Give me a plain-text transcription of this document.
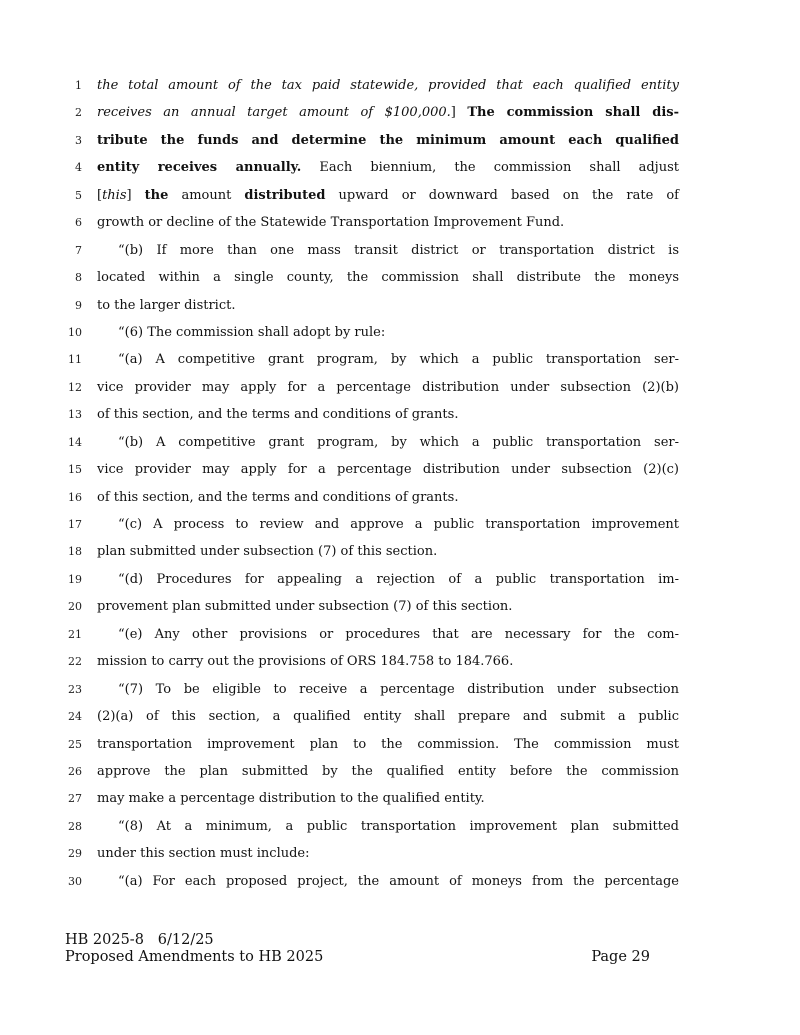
1 the total amount of the tax paid statewide, provided that each qualified entity
2 receives an annual target amount of $100,000.] The commission shall dis-
3 tribute the funds and determine the minimum amount each qualified
4 entity receives annually. Each biennium, the commission shall adjust
5 [this] the amount distributed upward or downward based on the rate of
6 growth or decline of the Statewide Transportation Improvement Fund.
7	“(b) If more than one mass transit district or transportation district is
8 located within a single county, the commission shall distribute the moneys
9 to the larger district.
10	“(6) The commission shall adopt by rule:
11	“(a) A competitive grant program, by which a public transportation ser-
12 vice provider may apply for a percentage distribution under subsection (2)(b)
13 of this section, and the terms and conditions of grants.
14	“(b) A competitive grant program, by which a public transportation ser-
15 vice provider may apply for a percentage distribution under subsection (2)(c)
16 of this section, and the terms and conditions of grants.
17	“(c) A process to review and approve a public transportation improvement
18 plan submitted under subsection (7) of this section.
19	“(d) Procedures for appealing a rejection of a public transportation im-
20 provement plan submitted under subsection (7) of this section.
21	“(e) Any other provisions or procedures that are necessary for the com-
22 mission to carry out the provisions of ORS 184.758 to 184.766.
23	“(7) To be eligible to receive a percentage distribution under subsection
24 (2)(a) of this section, a qualified entity shall prepare and submit a public
25 transportation improvement plan to the commission. The commission must
26 approve the plan submitted by the qualified entity before the commission
27 may make a percentage distribution to the qualified entity.
28	“(8) At a minimum, a public transportation improvement plan submitted
29 under this section must include:
30	“(a) For each proposed project, the amount of moneys from the percentage
HB 2025-8   6/12/25
Proposed Amendments to HB 2025	Page 29
